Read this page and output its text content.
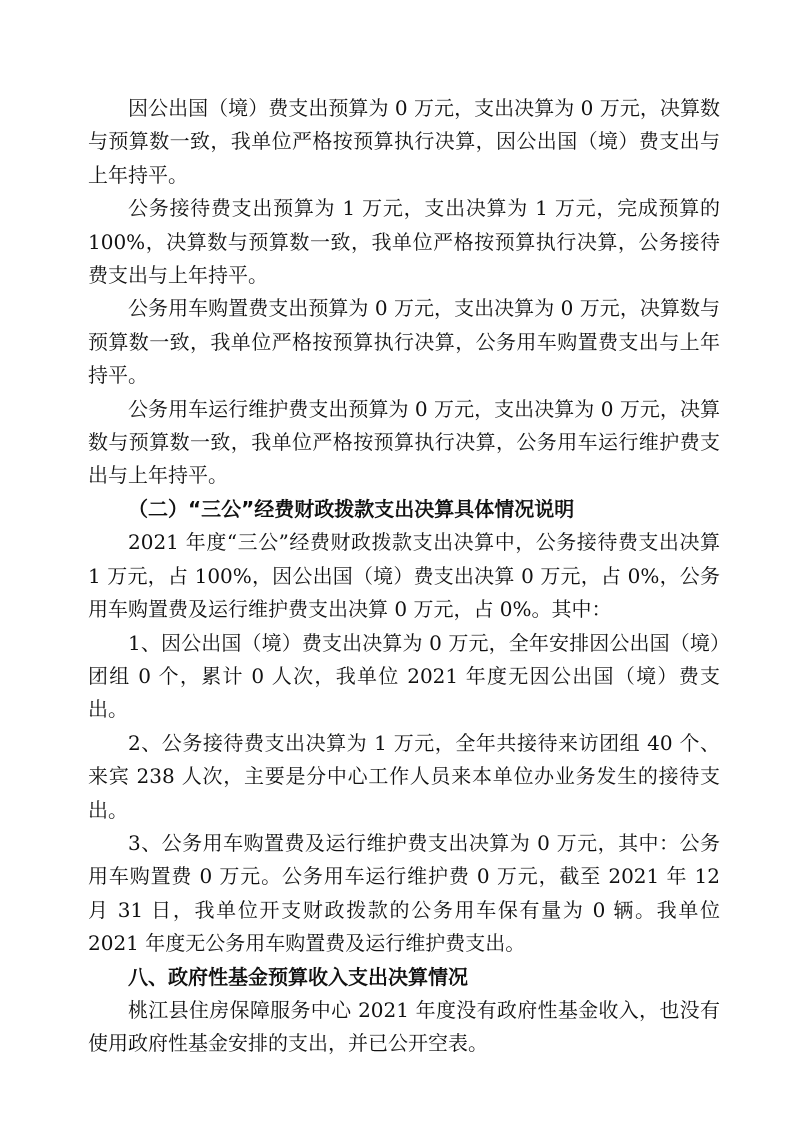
因公出国（境）费支出预算为 0 万元，支出决算为 0 万元，决算数与预算数一致，我单位严格按预算执行决算，因公出国（境）费支出与上年持平。

公务接待费支出预算为 1 万元，支出决算为 1 万元，完成预算的 100%，决算数与预算数一致，我单位严格按预算执行决算，公务接待费支出与上年持平。

公务用车购置费支出预算为 0 万元，支出决算为 0 万元，决算数与预算数一致，我单位严格按预算执行决算，公务用车购置费支出与上年持平。

公务用车运行维护费支出预算为 0 万元，支出决算为 0 万元，决算数与预算数一致，我单位严格按预算执行决算，公务用车运行维护费支出与上年持平。

（二）“三公”经费财政拨款支出决算具体情况说明

2021 年度“三公”经费财政拨款支出决算中，公务接待费支出决算 1 万元，占 100%，因公出国（境）费支出决算 0 万元，占 0%，公务用车购置费及运行维护费支出决算 0 万元，占 0%。其中：

1、因公出国（境）费支出决算为 0 万元，全年安排因公出国（境）团组 0 个，累计 0 人次，我单位 2021 年度无因公出国（境）费支出。

2、公务接待费支出决算为 1 万元，全年共接待来访团组 40 个、来宾 238 人次，主要是分中心工作人员来本单位办业务发生的接待支出。

3、公务用车购置费及运行维护费支出决算为 0 万元，其中：公务用车购置费 0 万元。公务用车运行维护费 0 万元，截至 2021 年 12 月 31 日，我单位开支财政拨款的公务用车保有量为 0 辆。我单位 2021 年度无公务用车购置费及运行维护费支出。

八、政府性基金预算收入支出决算情况

桃江县住房保障服务中心 2021 年度没有政府性基金收入，也没有使用政府性基金安排的支出，并已公开空表。
